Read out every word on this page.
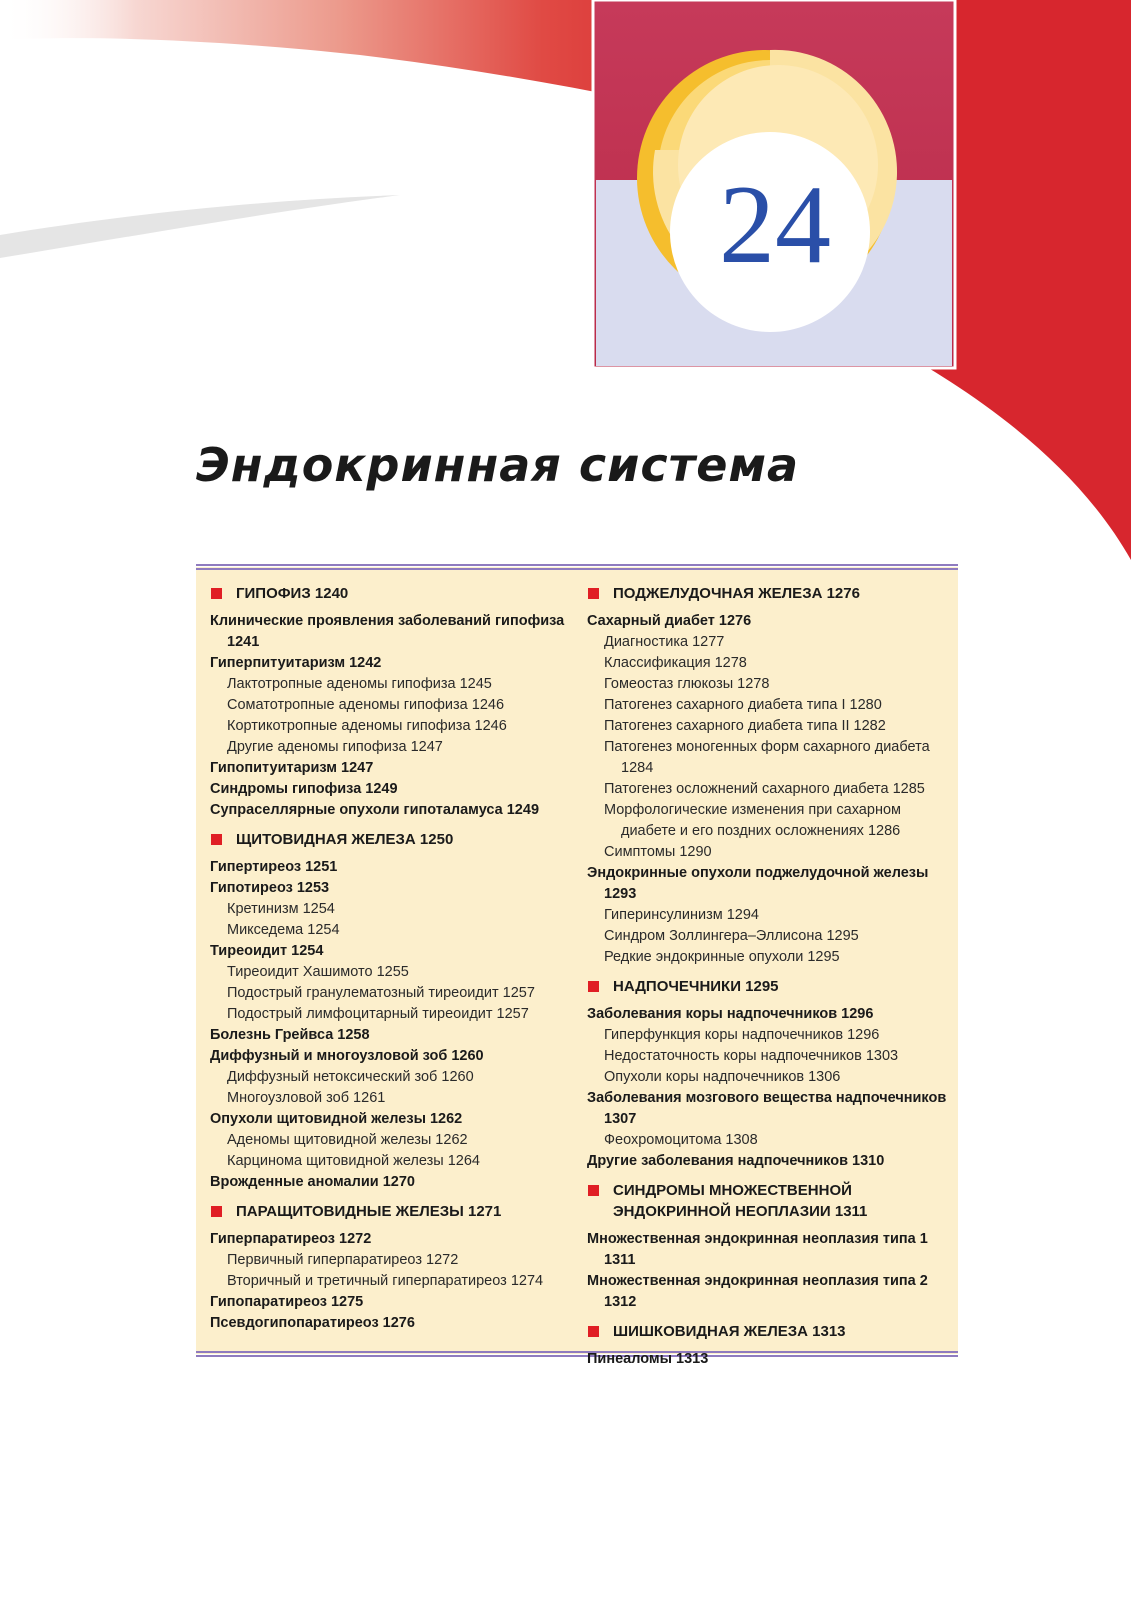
24
Эндокринная система
ГИПОФИЗ 1240
Клинические проявления заболеваний гипофиза 1241
Гиперпитуитаризм 1242
Лактотропные аденомы гипофиза 1245
Соматотропные аденомы гипофиза 1246
Кортикотропные аденомы гипофиза 1246
Другие аденомы гипофиза 1247
Гипопитуитаризм 1247
Синдромы гипофиза 1249
Супраселлярные опухоли гипоталамуса 1249
ЩИТОВИДНАЯ ЖЕЛЕЗА 1250
Гипертиреоз 1251
Гипотиреоз 1253
Кретинизм 1254
Микседема 1254
Тиреоидит 1254
Тиреоидит Хашимото 1255
Подострый гранулематозный тиреоидит 1257
Подострый лимфоцитарный тиреоидит 1257
Болезнь Грейвса 1258
Диффузный и многоузловой зоб 1260
Диффузный нетоксический зоб 1260
Многоузловой зоб 1261
Опухоли щитовидной железы 1262
Аденомы щитовидной железы 1262
Карцинома щитовидной железы 1264
Врожденные аномалии 1270
ПАРАЩИТОВИДНЫЕ ЖЕЛЕЗЫ 1271
Гиперпаратиреоз 1272
Первичный гиперпаратиреоз 1272
Вторичный и третичный гиперпаратиреоз 1274
Гипопаратиреоз 1275
Псевдогипопаратиреоз 1276
ПОДЖЕЛУДОЧНАЯ ЖЕЛЕЗА 1276
Сахарный диабет 1276
Диагностика 1277
Классификация 1278
Гомеостаз глюкозы 1278
Патогенез сахарного диабета типа I 1280
Патогенез сахарного диабета типа II 1282
Патогенез моногенных форм сахарного диабета 1284
Патогенез осложнений сахарного диабета 1285
Морфологические изменения при сахарном диабете и его поздних осложнениях 1286
Симптомы 1290
Эндокринные опухоли поджелудочной железы 1293
Гиперинсулинизм 1294
Синдром Золлингера–Эллисона 1295
Редкие эндокринные опухоли 1295
НАДПОЧЕЧНИКИ 1295
Заболевания коры надпочечников 1296
Гиперфункция коры надпочечников 1296
Недостаточность коры надпочечников 1303
Опухоли коры надпочечников 1306
Заболевания мозгового вещества надпочечников 1307
Феохромоцитома 1308
Другие заболевания надпочечников 1310
СИНДРОМЫ МНОЖЕСТВЕННОЙ ЭНДОКРИННОЙ НЕОПЛАЗИИ 1311
Множественная эндокринная неоплазия типа 1 1311
Множественная эндокринная неоплазия типа 2 1312
ШИШКОВИДНАЯ ЖЕЛЕЗА 1313
Пинеаломы 1313
